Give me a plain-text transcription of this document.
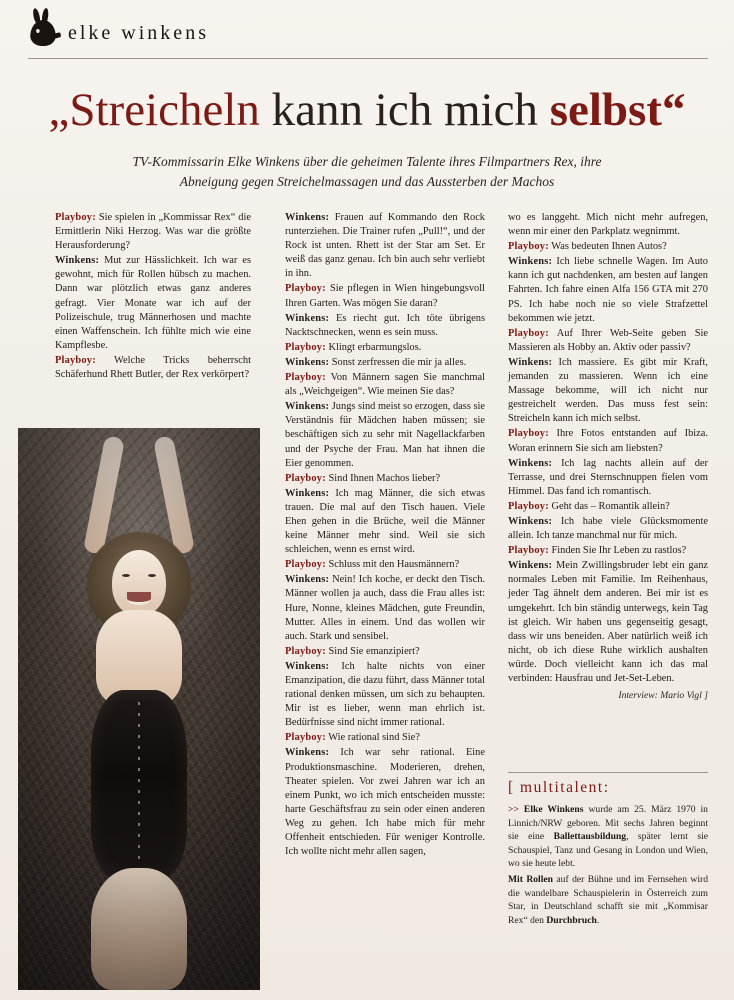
elke winkens
„Streicheln kann ich mich selbst“
TV-Kommissarin Elke Winkens über die geheimen Talente ihres Filmpartners Rex, ihre Abneigung gegen Streichelmassagen und das Aussterben der Machos

Playboy: Sie spielen in „Kommissar Rex“ die Ermittlerin Niki Herzog. Was war die größte Herausforderung?

Winkens: Mut zur Hässlichkeit. Ich war es gewohnt, mich für Rollen hübsch zu machen. Dann war plötzlich etwas ganz anderes gefragt. Vier Monate war ich auf der Polizeischule, trug Männerhosen und machte einen Waffenschein. Ich fühlte mich wie eine Kampflesbe.

Playboy: Welche Tricks beherrscht Schäferhund Rhett Butler, der Rex verkörpert?

Winkens: Frauen auf Kommando den Rock runterziehen. Die Trainer rufen „Pull!“, und der Rock ist unten. Rhett ist der Star am Set. Er weiß das ganz genau. Ich bin auch sehr verliebt in ihn.

Playboy: Sie pflegen in Wien hingebungsvoll Ihren Garten. Was mögen Sie daran?

Winkens: Es riecht gut. Ich töte übrigens Nacktschnecken, wenn es sein muss.

Playboy: Klingt erbarmungslos.

Winkens: Sonst zerfressen die mir ja alles.

Playboy: Von Männern sagen Sie manchmal als „Weichgeigen“. Wie meinen Sie das?

Winkens: Jungs sind meist so erzogen, dass sie Verständnis für Mädchen haben müssen; sie beschäftigen sich zu sehr mit Nagellackfarben und der Psyche der Frau. Man hat ihnen die Eier genommen.

Playboy: Sind Ihnen Machos lieber?

Winkens: Ich mag Männer, die sich etwas trauen. Die mal auf den Tisch hauen. Viele Ehen gehen in die Brüche, weil die Männer keine Männer mehr sind. Weil sie sich schleichen, wenn es ernst wird.

Playboy: Schluss mit den Hausmännern?

Winkens: Nein! Ich koche, er deckt den Tisch. Männer wollen ja auch, dass die Frau alles ist: Hure, Nonne, kleines Mädchen, gute Freundin, Mutter. Alles in einem. Und das wollen wir auch. Stark und sensibel.

Playboy: Sind Sie emanzipiert?

Winkens: Ich halte nichts von einer Emanzipation, die dazu führt, dass Männer total rational denken müssen, um sich zu behaupten. Mir ist es lieber, wenn man ehrlich ist. Bedürfnisse sind nicht immer rational.

Playboy: Wie rational sind Sie?

Winkens: Ich war sehr rational. Eine Produktionsmaschine. Moderieren, drehen, Theater spielen. Vor zwei Jahren war ich an einem Punkt, wo ich mich entscheiden musste: harte Geschäftsfrau zu sein oder einen anderen Weg zu gehen. Ich habe mich für mehr Offenheit entschieden. Für weniger Kontrolle. Ich wollte nicht mehr allen sagen,

wo es langgeht. Mich nicht mehr aufregen, wenn mir einer den Parkplatz wegnimmt.

Playboy: Was bedeuten Ihnen Autos?

Winkens: Ich liebe schnelle Wagen. Im Auto kann ich gut nachdenken, am besten auf langen Fahrten. Ich fahre einen Alfa 156 GTA mit 270 PS. Ich habe noch nie so viele Strafzettel bekommen wie jetzt.

Playboy: Auf Ihrer Web-Seite geben Sie Massieren als Hobby an. Aktiv oder passiv?

Winkens: Ich massiere. Es gibt mir Kraft, jemanden zu massieren. Wenn ich eine Massage bekomme, will ich nicht nur gestreichelt werden. Das muss fest sein: Streicheln kann ich mich selbst.

Playboy: Ihre Fotos entstanden auf Ibiza. Woran erinnern Sie sich am liebsten?

Winkens: Ich lag nachts allein auf der Terrasse, und drei Sternschnuppen fielen vom Himmel. Das fand ich romantisch.

Playboy: Geht das – Romantik allein?

Winkens: Ich habe viele Glücksmomente allein. Ich tanze manchmal nur für mich.

Playboy: Finden Sie Ihr Leben zu rastlos?

Winkens: Mein Zwillingsbruder lebt ein ganz normales Leben mit Familie. Im Reihenhaus, jeder Tag ähnelt dem anderen. Bei mir ist es umgekehrt. Ich bin ständig unterwegs, kein Tag ist gleich. Wir haben uns gegenseitig gesagt, dass wir uns beneiden. Aber natürlich weiß ich nicht, ob ich diese Ruhe wirklich aushalten würde. Doch vielleicht kann ich das mal verbinden: Hausfrau und Jet-Set-Leben.

Interview: Mario Vigl ]
[ multitalent:

>> Elke Winkens wurde am 25. März 1970 in Linnich/NRW geboren. Mit sechs Jahren beginnt sie eine Ballettausbildung, später lernt sie Schauspiel, Tanz und Gesang in London und Wien, wo sie heute lebt.

Mit Rollen auf der Bühne und im Fernsehen wird die wandelbare Schauspielerin in Österreich zum Star, in Deutschland schafft sie mit „Kommisar Rex“ den Durchbruch.
